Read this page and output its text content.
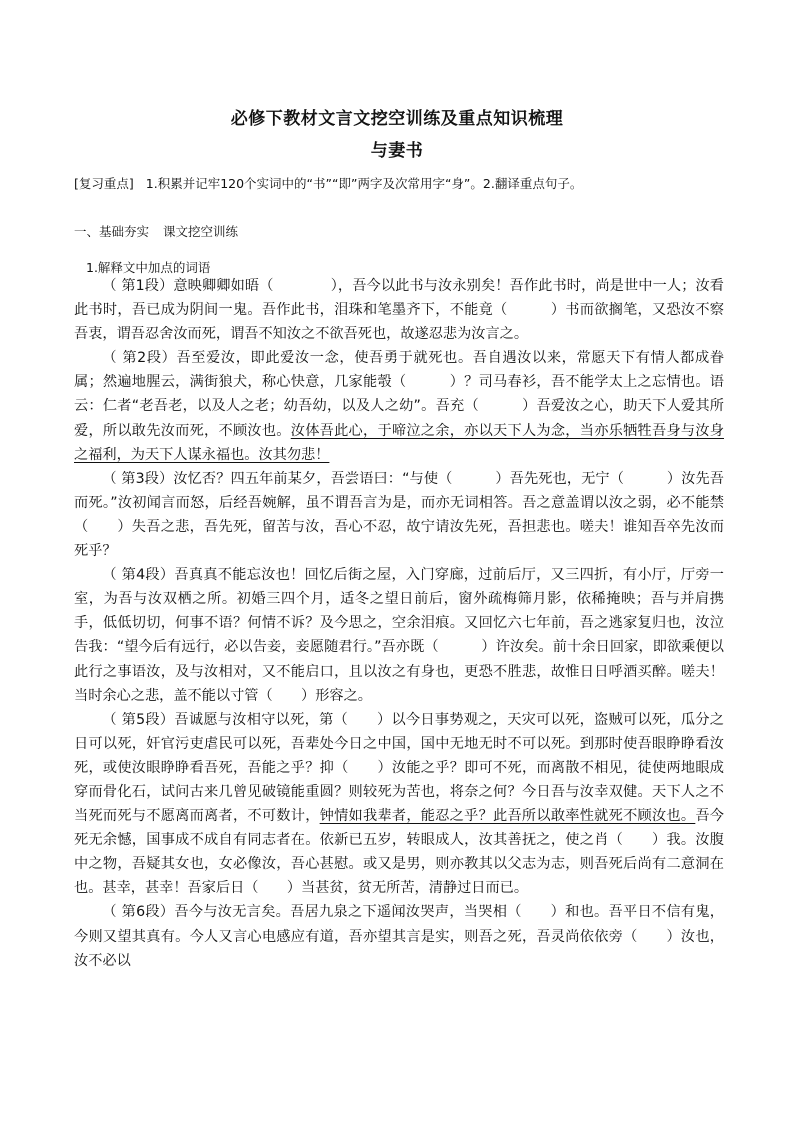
必修下教材文言文挖空训练及重点知识梳理
与妻书
[复习重点] 1.积累并记牢120个实词中的“书”“即”两字及次常用字“身”。2.翻译重点句子。
一、基础夯实 课文挖空训练
1.解释文中加点的词语

（ 第1段）意映卿卿如晤（　　　　），吾今以此书与汝永别矣！吾作此书时，尚是世中一人；汝看此书时，吾已成为阴间一鬼。吾作此书，泪珠和笔墨齐下，不能竟（　　　）书而欲搁笔，又恐汝不察吾衷，谓吾忍舍汝而死，谓吾不知汝之不欲吾死也，故遂忍悲为汝言之。

（ 第2段）吾至爱汝，即此爱汝一念，使吾勇于就死也。吾自遇汝以来，常愿天下有情人都成眷属；然遍地腥云，满街狼犬，称心快意，几家能彀（　　　）？司马春衫，吾不能学太上之忘情也。语云：仁者“老吾老，以及人之老；幼吾幼，以及人之幼”。吾充（　　　）吾爱汝之心，助天下人爱其所爱，所以敢先汝而死，不顾汝也。汝体吾此心，于啼泣之余，亦以天下人为念，当亦乐牺牲吾身与汝身之福利，为天下人谋永福也。汝其勿悲！

（ 第3段）汝忆否？四五年前某夕，吾尝语曰：“与使（　　　）吾先死也，无宁（　　　）汝先吾而死。”汝初闻言而怒，后经吾婉解，虽不谓吾言为是，而亦无词相答。吾之意盖谓以汝之弱，必不能禁（　　）失吾之悲，吾先死，留苦与汝，吾心不忍，故宁请汝先死，吾担悲也。嗟夫！谁知吾卒先汝而死乎？

（ 第4段）吾真真不能忘汝也！回忆后街之屋，入门穿廊，过前后厅，又三四折，有小厅，厅旁一室，为吾与汝双栖之所。初婚三四个月，适冬之望日前后，窗外疏梅筛月影，依稀掩映；吾与并肩携手，低低切切，何事不语？何情不诉？及今思之，空余泪痕。又回忆六七年前，吾之逃家复归也，汝泣告我：“望今后有远行，必以告妾，妾愿随君行。”吾亦既（　　　）许汝矣。前十余日回家，即欲乘便以此行之事语汝，及与汝相对，又不能启口，且以汝之有身也，更恐不胜悲，故惟日日呼酒买醉。嗟夫！当时余心之悲，盖不能以寸管（　　）形容之。

（ 第5段）吾诚愿与汝相守以死，第（　　）以今日事势观之，天灾可以死，盗贼可以死，瓜分之日可以死，奸官污吏虐民可以死，吾辈处今日之中国，国中无地无时不可以死。到那时使吾眼睁睁看汝死，或使汝眼睁睁看吾死，吾能之乎？抑（　　）汝能之乎？即可不死，而离散不相见，徒使两地眼成穿而骨化石，试问古来几曾见破镜能重圆？则较死为苦也，将奈之何？今日吾与汝幸双健。天下人之不当死而死与不愿离而离者，不可数计，钟情如我辈者，能忍之乎？此吾所以敢率性就死不顾汝也。吾今死无余憾，国事成不成自有同志者在。依新已五岁，转眼成人，汝其善抚之，使之肖（　　）我。汝腹中之物，吾疑其女也，女必像汝，吾心甚慰。或又是男，则亦教其以父志为志，则吾死后尚有二意洞在也。甚幸，甚幸！吾家后日（　　）当甚贫，贫无所苦，清静过日而已。

（ 第6段）吾今与汝无言矣。吾居九泉之下遥闻汝哭声，当哭相（　　）和也。吾平日不信有鬼，今则又望其真有。今人又言心电感应有道，吾亦望其言是实，则吾之死，吾灵尚依依旁（　　）汝也，汝不必以
